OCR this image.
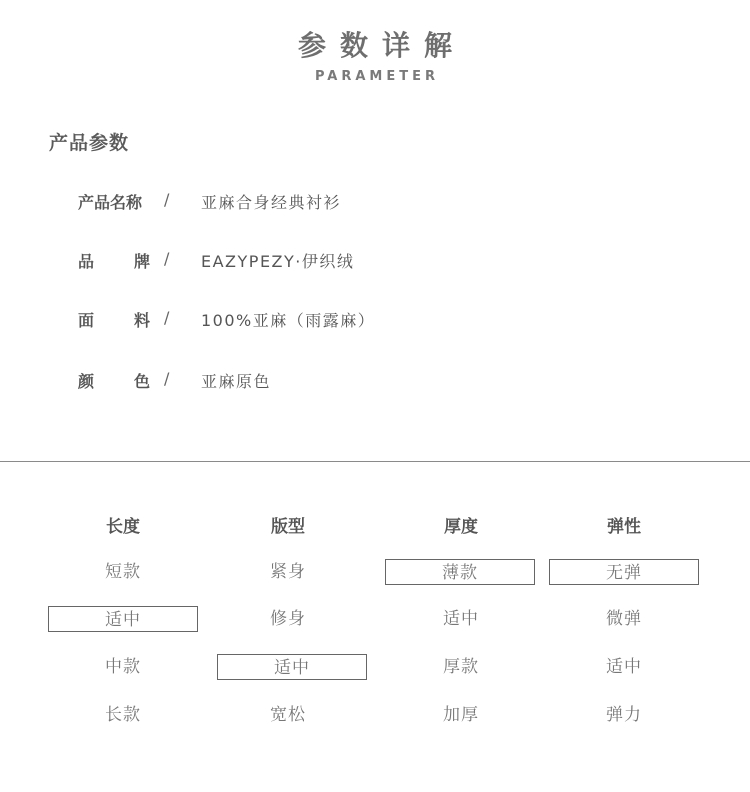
参数详解
PARAMETER
产品参数
产品名称 / 亚麻合身经典衬衫
品 牌 / EAZYPEZY·伊织绒
面 料 / 100%亚麻（雨露麻）
颜 色 / 亚麻原色
长度
短款
适中
中款
长款
版型
紧身
修身
适中
宽松
厚度
薄款
适中
厚款
加厚
弹性
无弹
微弹
适中
弹力
